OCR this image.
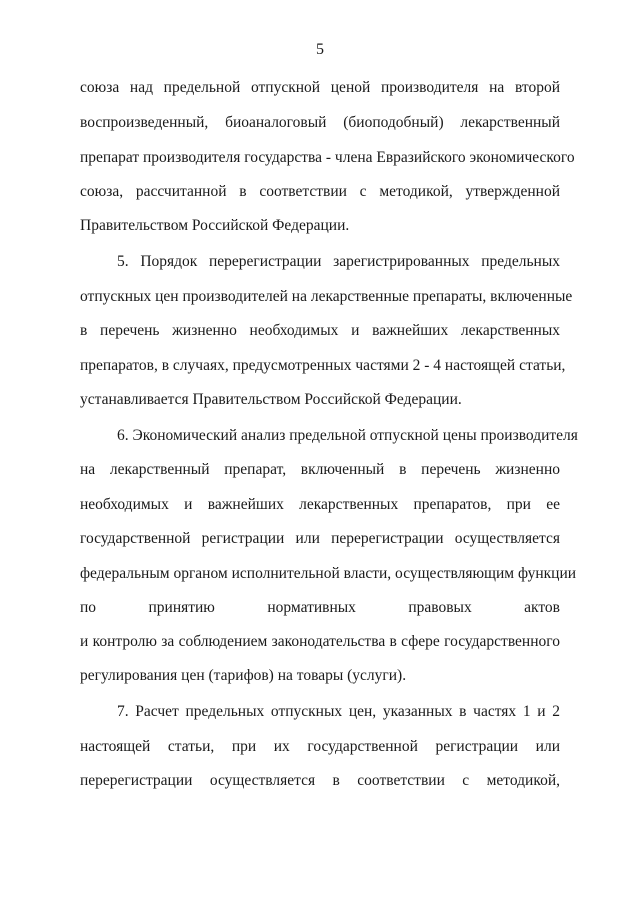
5
союза над предельной отпускной ценой производителя на второй
воспроизведенный, биоаналоговый (биоподобный) лекарственный
препарат производителя государства - члена Евразийского экономического
союза, рассчитанной в соответствии с методикой, утвержденной
Правительством Российской Федерации.
5. Порядок перерегистрации зарегистрированных предельных
отпускных цен производителей на лекарственные препараты, включенные
в перечень жизненно необходимых и важнейших лекарственных
препаратов, в случаях, предусмотренных частями 2 - 4 настоящей статьи,
устанавливается Правительством Российской Федерации.
6. Экономический анализ предельной отпускной цены производителя
на лекарственный препарат, включенный в перечень жизненно
необходимых и важнейших лекарственных препаратов, при ее
государственной регистрации или перерегистрации осуществляется
федеральным органом исполнительной власти, осуществляющим функции
по принятию нормативных правовых актов
и контролю за соблюдением законодательства в сфере государственного
регулирования цен (тарифов) на товары (услуги).
7. Расчет предельных отпускных цен, указанных в частях 1 и 2
настоящей статьи, при их государственной регистрации или
перерегистрации осуществляется в соответствии с методикой,
